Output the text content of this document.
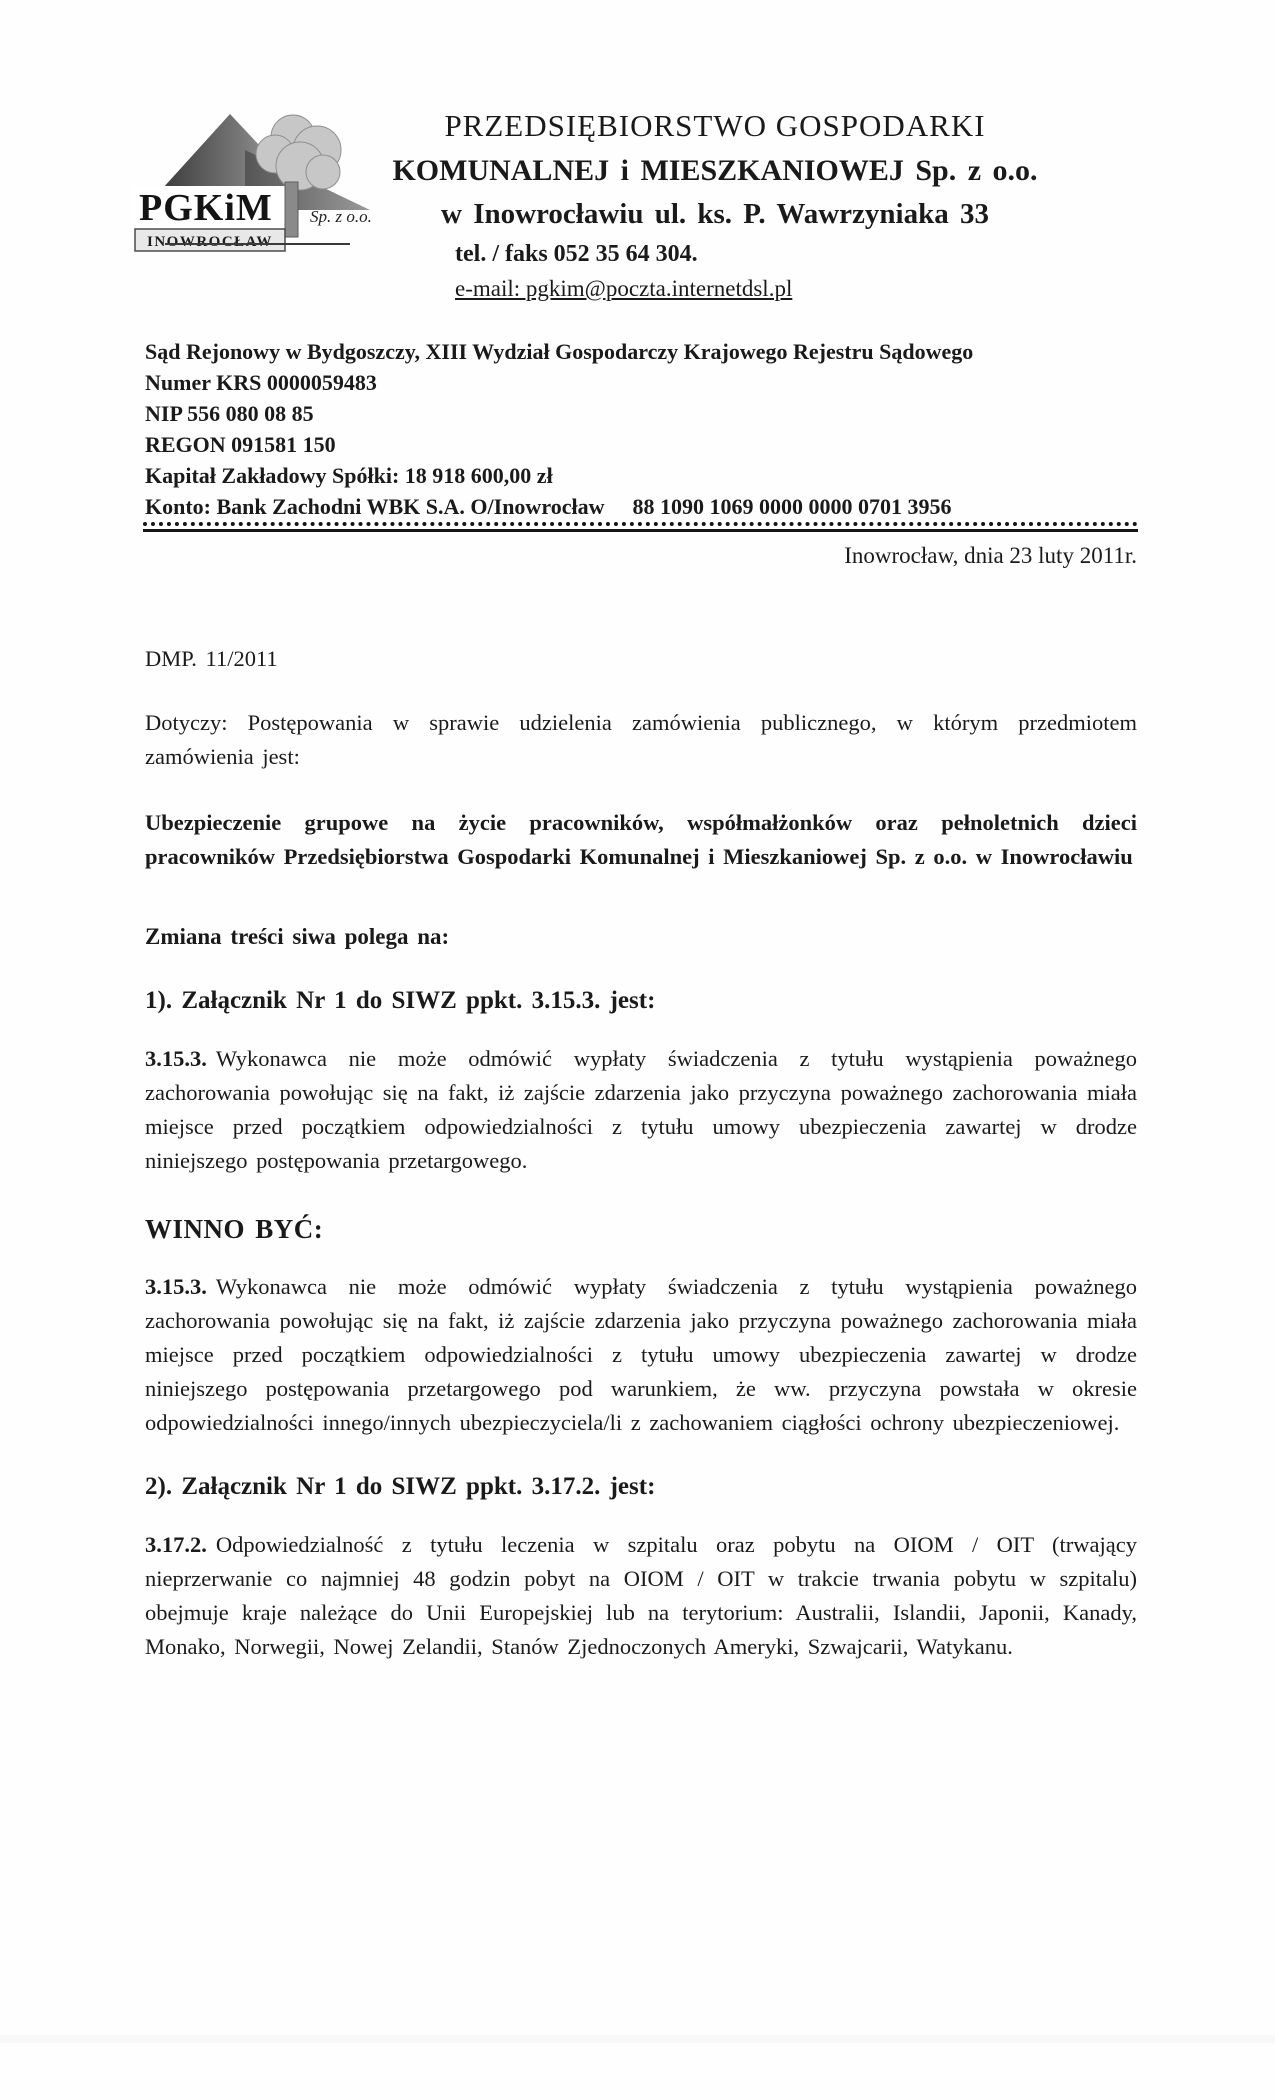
PGKiM Sp. z o.o.
INOWROCŁAW

PRZEDSIĘBIORSTWO GOSPODARKI

KOMUNALNEJ i MIESZKANIOWEJ Sp. z o.o.

w Inowrocławiu ul. ks. P. Wawrzyniaka 33

tel. / faks 052 35 64 304.

e-mail: pgkim@poczta.internetdsl.pl

Sąd Rejonowy w Bydgoszczy, XIII Wydział Gospodarczy Krajowego Rejestru Sądowego
Numer KRS 0000059483
NIP 556 080 08 85
REGON 091581 150
Kapitał Zakładowy Spółki: 18 918 600,00 zł
Konto: Bank Zachodni WBK S.A. O/Inowrocław 88 1090 1069 0000 0000 0701 3956
Inowrocław, dnia 23 luty 2011r.

DMP. 11/2011

Dotyczy: Postępowania w sprawie udzielenia zamówienia publicznego, w którym przedmiotem zamówienia jest:

Ubezpieczenie grupowe na życie pracowników, współmałżonków oraz pełnoletnich dzieci pracowników Przedsiębiorstwa Gospodarki Komunalnej i Mieszkaniowej Sp. z o.o. w Inowrocławiu

Zmiana treści siwa polega na:

1). Załącznik Nr 1 do SIWZ ppkt. 3.15.3. jest:

3.15.3. Wykonawca nie może odmówić wypłaty świadczenia z tytułu wystąpienia poważnego zachorowania powołując się na fakt, iż zajście zdarzenia jako przyczyna poważnego zachorowania miała miejsce przed początkiem odpowiedzialności z tytułu umowy ubezpieczenia zawartej w drodze niniejszego postępowania przetargowego.

WINNO BYĆ:

3.15.3. Wykonawca nie może odmówić wypłaty świadczenia z tytułu wystąpienia poważnego zachorowania powołując się na fakt, iż zajście zdarzenia jako przyczyna poważnego zachorowania miała miejsce przed początkiem odpowiedzialności z tytułu umowy ubezpieczenia zawartej w drodze niniejszego postępowania przetargowego pod warunkiem, że ww. przyczyna powstała w okresie odpowiedzialności innego/innych ubezpieczyciela/li z zachowaniem ciągłości ochrony ubezpieczeniowej.

2). Załącznik Nr 1 do SIWZ ppkt. 3.17.2. jest:

3.17.2. Odpowiedzialność z tytułu leczenia w szpitalu oraz pobytu na OIOM / OIT (trwający nieprzerwanie co najmniej 48 godzin pobyt na OIOM / OIT w trakcie trwania pobytu w szpitalu) obejmuje kraje należące do Unii Europejskiej lub na terytorium: Australii, Islandii, Japonii, Kanady, Monako, Norwegii, Nowej Zelandii, Stanów Zjednoczonych Ameryki, Szwajcarii, Watykanu.
